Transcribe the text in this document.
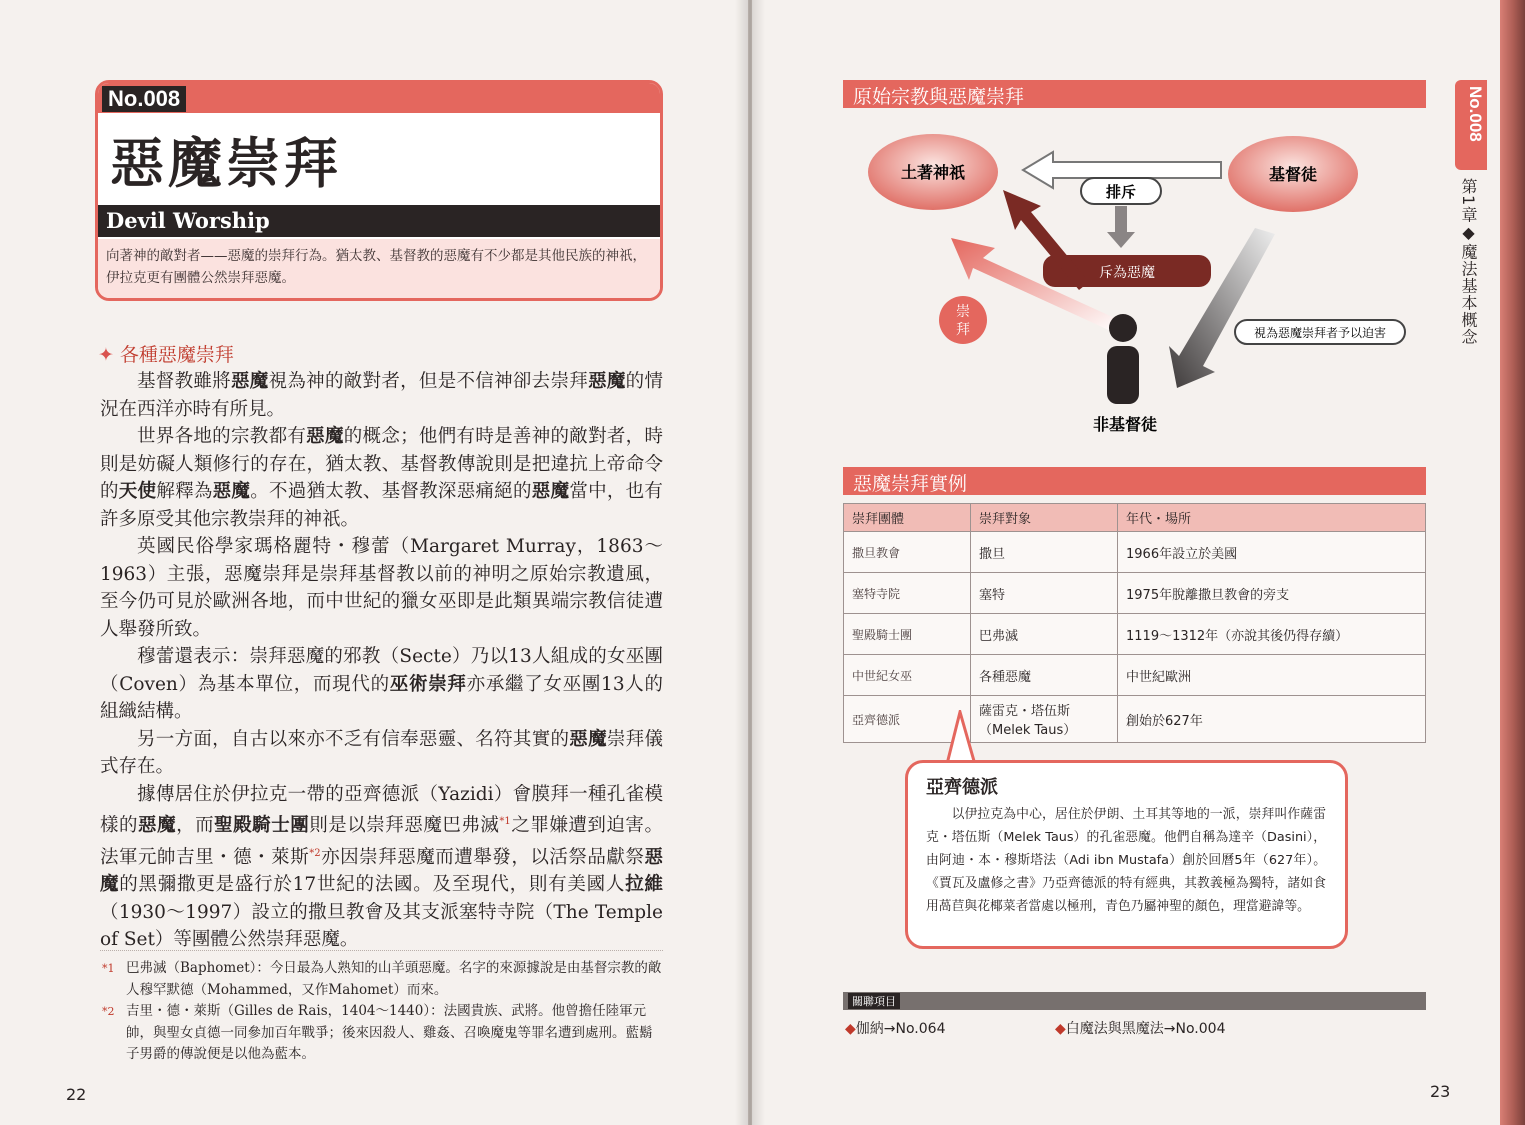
No.008
惡魔崇拜
Devil Worship
向著神的敵對者——惡魔的崇拜行為。猶太教、基督教的惡魔有不少都是其他民族的神祇，伊拉克更有團體公然崇拜惡魔。
✦ 各種惡魔崇拜

基督教雖將惡魔視為神的敵對者，但是不信神卻去崇拜惡魔的情況在西洋亦時有所見。

世界各地的宗教都有惡魔的概念；他們有時是善神的敵對者，時則是妨礙人類修行的存在，猶太教、基督教傳說則是把違抗上帝命令的天使解釋為惡魔。不過猶太教、基督教深惡痛絕的惡魔當中，也有許多原受其他宗教崇拜的神祇。

英國民俗學家瑪格麗特・穆蕾（Margaret Murray，1863〜1963）主張，惡魔崇拜是崇拜基督教以前的神明之原始宗教遺風，至今仍可見於歐洲各地，而中世紀的獵女巫即是此類異端宗教信徒遭人舉發所致。

穆蕾還表示：崇拜惡魔的邪教（Secte）乃以13人組成的女巫團（Coven）為基本單位，而現代的巫術崇拜亦承繼了女巫團13人的組織結構。

另一方面，自古以來亦不乏有信奉惡靈、名符其實的惡魔崇拜儀式存在。

據傳居住於伊拉克一帶的亞齊德派（Yazidi）會膜拜一種孔雀模樣的惡魔，而聖殿騎士團則是以崇拜惡魔巴弗滅$^{*1}$之罪嫌遭到迫害。法軍元帥吉里・德・萊斯$^{*2}$亦因崇拜惡魔而遭舉發，以活祭品獻祭惡魔的黑彌撒更是盛行於17世紀的法國。及至現代，則有美國人拉維（1930〜1997）設立的撒旦教會及其支派塞特寺院（The Temple of Set）等團體公然崇拜惡魔。

*1 巴弗滅（Baphomet）：今日最為人熟知的山羊頭惡魔。名字的來源據說是由基督宗教的敵人穆罕默德（Mohammed，又作Mahomet）而來。
*2 吉里・德・萊斯（Gilles de Rais，1404〜1440）：法國貴族、武將。他曾擔任陸軍元帥，與聖女貞德一同參加百年戰爭；後來因殺人、雞姦、召喚魔鬼等罪名遭到處刑。藍鬍子男爵的傳說便是以他為藍本。
22
原始宗教與惡魔崇拜
土著神祇	基督徒
排斥
斥為惡魔
崇
拜
非基督徒
視為惡魔崇拜者予以迫害
惡魔崇拜實例
崇拜團體	崇拜對象	年代・場所
撒旦教會	撒旦	1966年設立於美國
塞特寺院	塞特	1975年脫離撒旦教會的旁支
聖殿騎士團	巴弗滅	1119〜1312年（亦說其後仍得存續）
中世紀女巫	各種惡魔	中世紀歐洲
亞齊德派	薩雷克・塔伍斯（Melek Taus）	創始於627年
亞齊德派
以伊拉克為中心，居住於伊朗、土耳其等地的一派，崇拜叫作薩雷克・塔伍斯（Melek Taus）的孔雀惡魔。他們自稱為達辛（Dasini），由阿迪・本・穆斯塔法（Adi ibn Mustafa）創於回曆5年（627年）。《賈瓦及盧修之書》乃亞齊德派的特有經典，其教義極為獨特，諸如食用萵苣與花椰菜者當處以極刑，青色乃屬神聖的顏色，理當避諱等。
關聯項目
◆伽納→No.064	◆白魔法與黑魔法→No.004
23
No.008
第1章◆魔法基本概念
